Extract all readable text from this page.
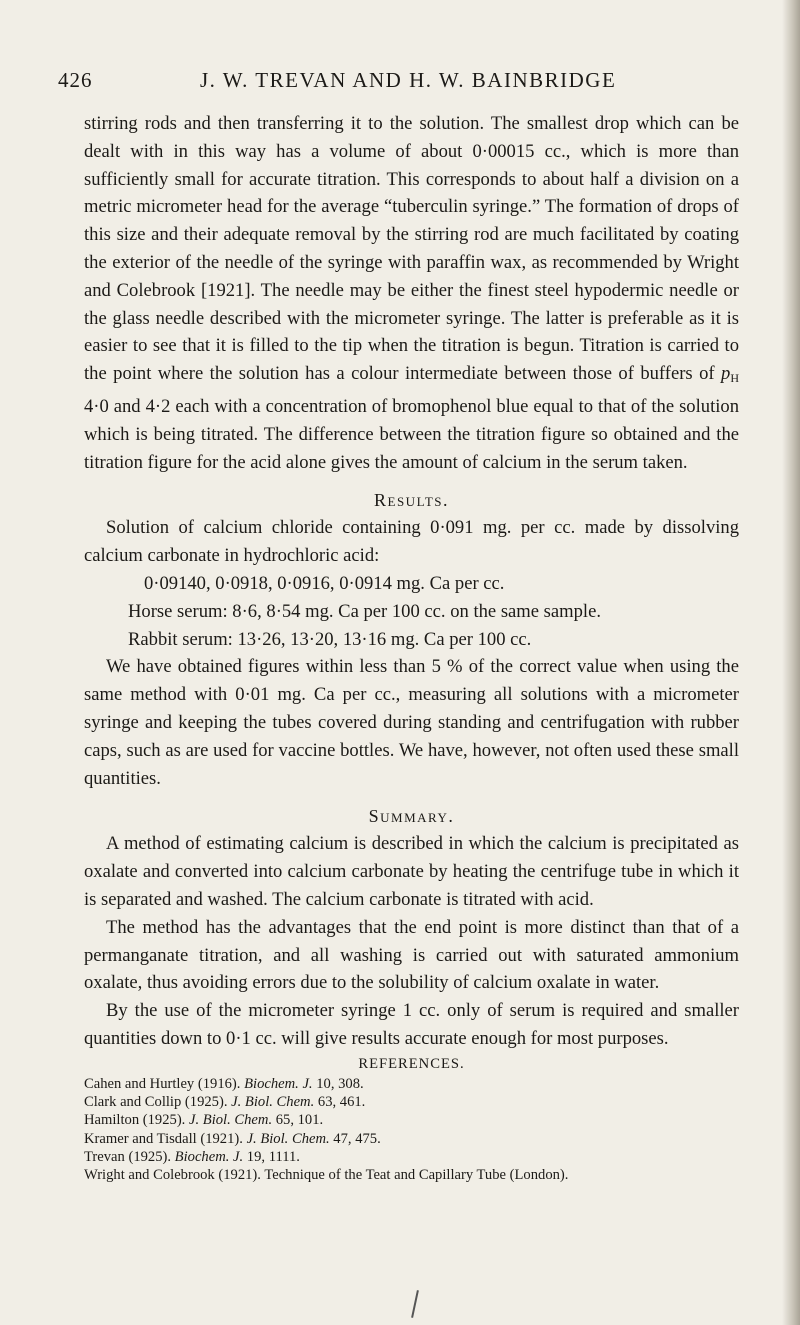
426	J. W. TREVAN AND H. W. BAINBRIDGE

stirring rods and then transferring it to the solution. The smallest drop which can be dealt with in this way has a volume of about 0·00015 cc., which is more than sufficiently small for accurate titration. This corresponds to about half a division on a metric micrometer head for the average “tuberculin syringe.” The formation of drops of this size and their adequate removal by the stirring rod are much facilitated by coating the exterior of the needle of the syringe with paraffin wax, as recommended by Wright and Colebrook [1921]. The needle may be either the finest steel hypodermic needle or the glass needle described with the micrometer syringe. The latter is preferable as it is easier to see that it is filled to the tip when the titration is begun. Titration is carried to the point where the solution has a colour intermediate between those of buffers of $p_H$ 4·0 and 4·2 each with a concentration of bromophenol blue equal to that of the solution which is being titrated. The difference between the titration figure so obtained and the titration figure for the acid alone gives the amount of calcium in the serum taken.

Results.

Solution of calcium chloride containing 0·091 mg. per cc. made by dissolving calcium carbonate in hydrochloric acid:

0·09140, 0·0918, 0·0916, 0·0914 mg. Ca per cc.

Horse serum: 8·6, 8·54 mg. Ca per 100 cc. on the same sample.

Rabbit serum: 13·26, 13·20, 13·16 mg. Ca per 100 cc.

We have obtained figures within less than 5 % of the correct value when using the same method with 0·01 mg. Ca per cc., measuring all solutions with a micrometer syringe and keeping the tubes covered during standing and centrifugation with rubber caps, such as are used for vaccine bottles. We have, however, not often used these small quantities.

Summary.

A method of estimating calcium is described in which the calcium is precipitated as oxalate and converted into calcium carbonate by heating the centrifuge tube in which it is separated and washed. The calcium carbonate is titrated with acid.

The method has the advantages that the end point is more distinct than that of a permanganate titration, and all washing is carried out with saturated ammonium oxalate, thus avoiding errors due to the solubility of calcium oxalate in water.

By the use of the micrometer syringe 1 cc. only of serum is required and smaller quantities down to 0·1 cc. will give results accurate enough for most purposes.

REFERENCES.
Cahen and Hurtley (1916). Biochem. J. 10, 308.
Clark and Collip (1925). J. Biol. Chem. 63, 461.
Hamilton (1925). J. Biol. Chem. 65, 101.
Kramer and Tisdall (1921). J. Biol. Chem. 47, 475.
Trevan (1925). Biochem. J. 19, 1111.
Wright and Colebrook (1921). Technique of the Teat and Capillary Tube (London).
